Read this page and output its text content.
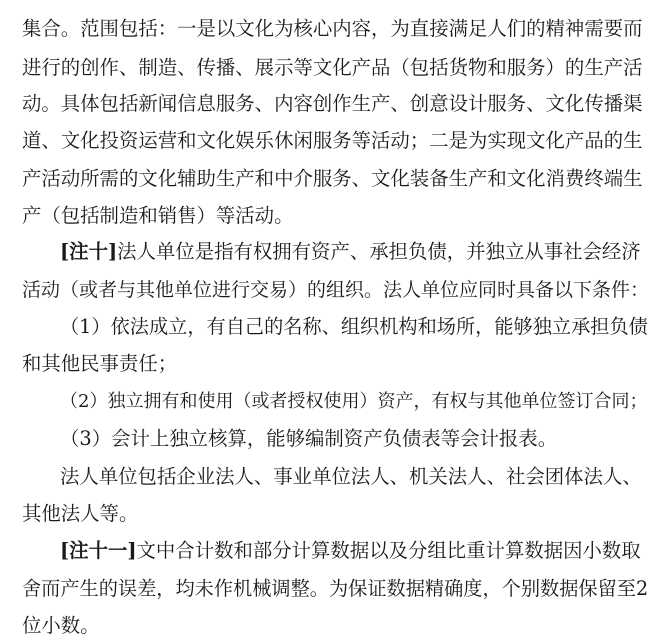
集合。范围包括：一是以文化为核心内容，为直接满足人们的精神需要而
进行的创作、制造、传播、展示等文化产品（包括货物和服务）的生产活
动。具体包括新闻信息服务、内容创作生产、创意设计服务、文化传播渠
道、文化投资运营和文化娱乐休闲服务等活动；二是为实现文化产品的生
产活动所需的文化辅助生产和中介服务、文化装备生产和文化消费终端生
产（包括制造和销售）等活动。
[注十]法人单位是指有权拥有资产、承担负债，并独立从事社会经济
活动（或者与其他单位进行交易）的组织。法人单位应同时具备以下条件：
（1）依法成立，有自己的名称、组织机构和场所，能够独立承担负债
和其他民事责任；
（2）独立拥有和使用（或者授权使用）资产，有权与其他单位签订合同；
（3）会计上独立核算，能够编制资产负债表等会计报表。
法人单位包括企业法人、事业单位法人、机关法人、社会团体法人、
其他法人等。
[注十一]文中合计数和部分计算数据以及分组比重计算数据因小数取
舍而产生的误差，均未作机械调整。为保证数据精确度，个别数据保留至2
位小数。
